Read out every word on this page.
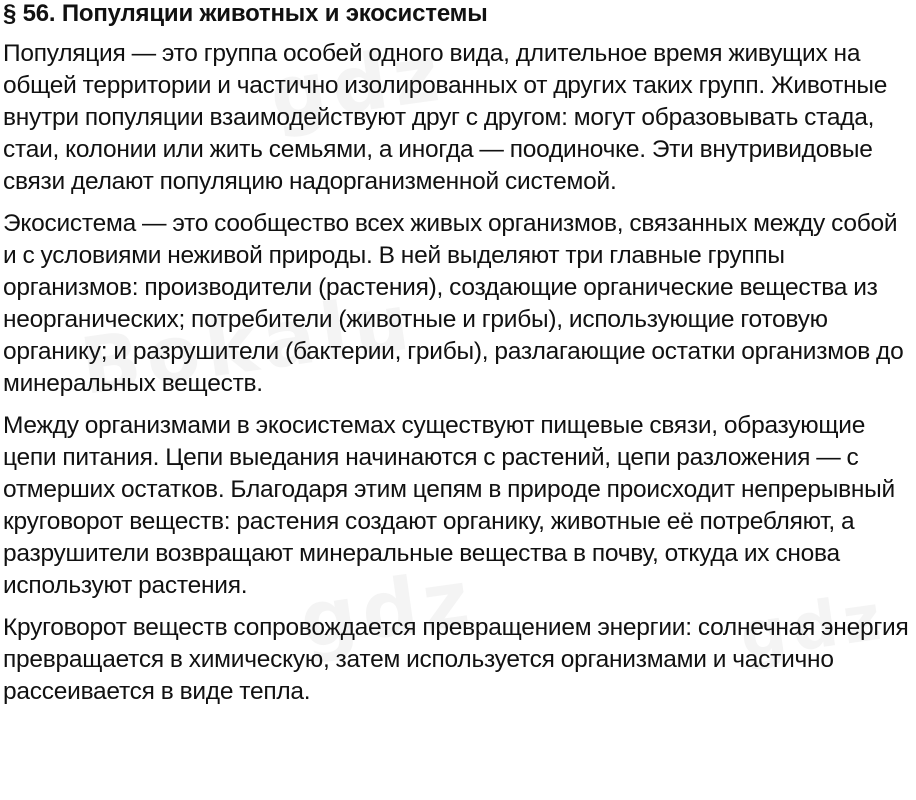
§ 56. Популяции животных и экосистемы

Популяция — это группа особей одного вида, длительное время живущих на общей территории и частично изолированных от других таких групп. Животные внутри популяции взаимодействуют друг с другом: могут образовывать стада, стаи, колонии или жить семьями, а иногда — поодиночке. Эти внутривидовые связи делают популяцию надорганизменной системой.

Экосистема — это сообщество всех живых организмов, связанных между собой и с условиями неживой природы. В ней выделяют три главные группы организмов: производители (растения), создающие органические вещества из неорганических; потребители (животные и грибы), использующие готовую органику; и разрушители (бактерии, грибы), разлагающие остатки организмов до минеральных веществ.

Между организмами в экосистемах существуют пищевые связи, образующие цепи питания. Цепи выедания начинаются с растений, цепи разложения — с отмерших остатков. Благодаря этим цепям в природе происходит непрерывный круговорот веществ: растения создают органику, животные её потребляют, а разрушители возвращают минеральные вещества в почву, откуда их снова используют растения.

Круговорот веществ сопровождается превращением энергии: солнечная энергия превращается в химическую, затем используется организмами и частично рассеивается в виде тепла.
